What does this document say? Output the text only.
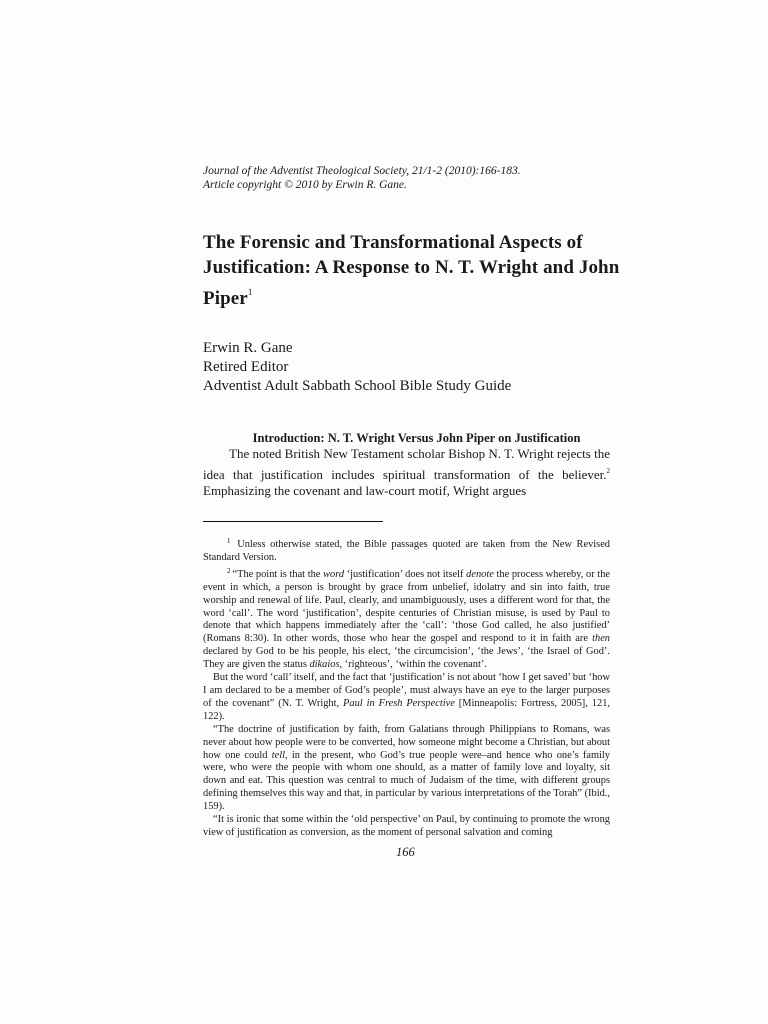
Journal of the Adventist Theological Society, 21/1-2 (2010):166-183.
Article copyright © 2010 by Erwin R. Gane.
The Forensic and Transformational Aspects of Justification: A Response to N. T. Wright and John Piper$^1$
Erwin R. Gane
Retired Editor
Adventist Adult Sabbath School Bible Study Guide
Introduction: N. T. Wright Versus John Piper on Justification
  The noted British New Testament scholar Bishop N. T. Wright rejects the idea that justification includes spiritual transformation of the believer.$^2$ Emphasizing the covenant and law-court motif, Wright argues

$^1$ Unless otherwise stated, the Bible passages quoted are taken from the New Revised Standard Version.

$^2$ “The point is that the word ‘justification’ does not itself denote the process whereby, or the event in which, a person is brought by grace from unbelief, idolatry and sin into faith, true worship and renewal of life. Paul, clearly, and unambiguously, uses a different word for that, the word ‘call’. The word ‘justification’, despite centuries of Christian misuse, is used by Paul to denote that which happens immediately after the ‘call’: ‘those God called, he also justified’ (Romans 8:30). In other words, those who hear the gospel and respond to it in faith are then declared by God to be his people, his elect, ‘the circumcision’, ‘the Jews’, ‘the Israel of God’. They are given the status dikaios, ‘righteous’, ‘within the covenant’.

But the word ‘call’ itself, and the fact that ‘justification’ is not about ‘how I get saved’ but ‘how I am declared to be a member of God’s people’, must always have an eye to the larger purposes of the covenant” (N. T. Wright, Paul in Fresh Perspective [Minneapolis: Fortress, 2005], 121, 122).

“The doctrine of justification by faith, from Galatians through Philippians to Romans, was never about how people were to be converted, how someone might become a Christian, but about how one could tell, in the present, who God’s true people were–and hence who one’s family were, who were the people with whom one should, as a matter of family love and loyalty, sit down and eat. This question was central to much of Judaism of the time, with different groups defining themselves this way and that, in particular by various interpretations of the Torah” (Ibid., 159).

“It is ironic that some within the ‘old perspective’ on Paul, by continuing to promote the wrong view of justification as conversion, as the moment of personal salvation and coming

166
